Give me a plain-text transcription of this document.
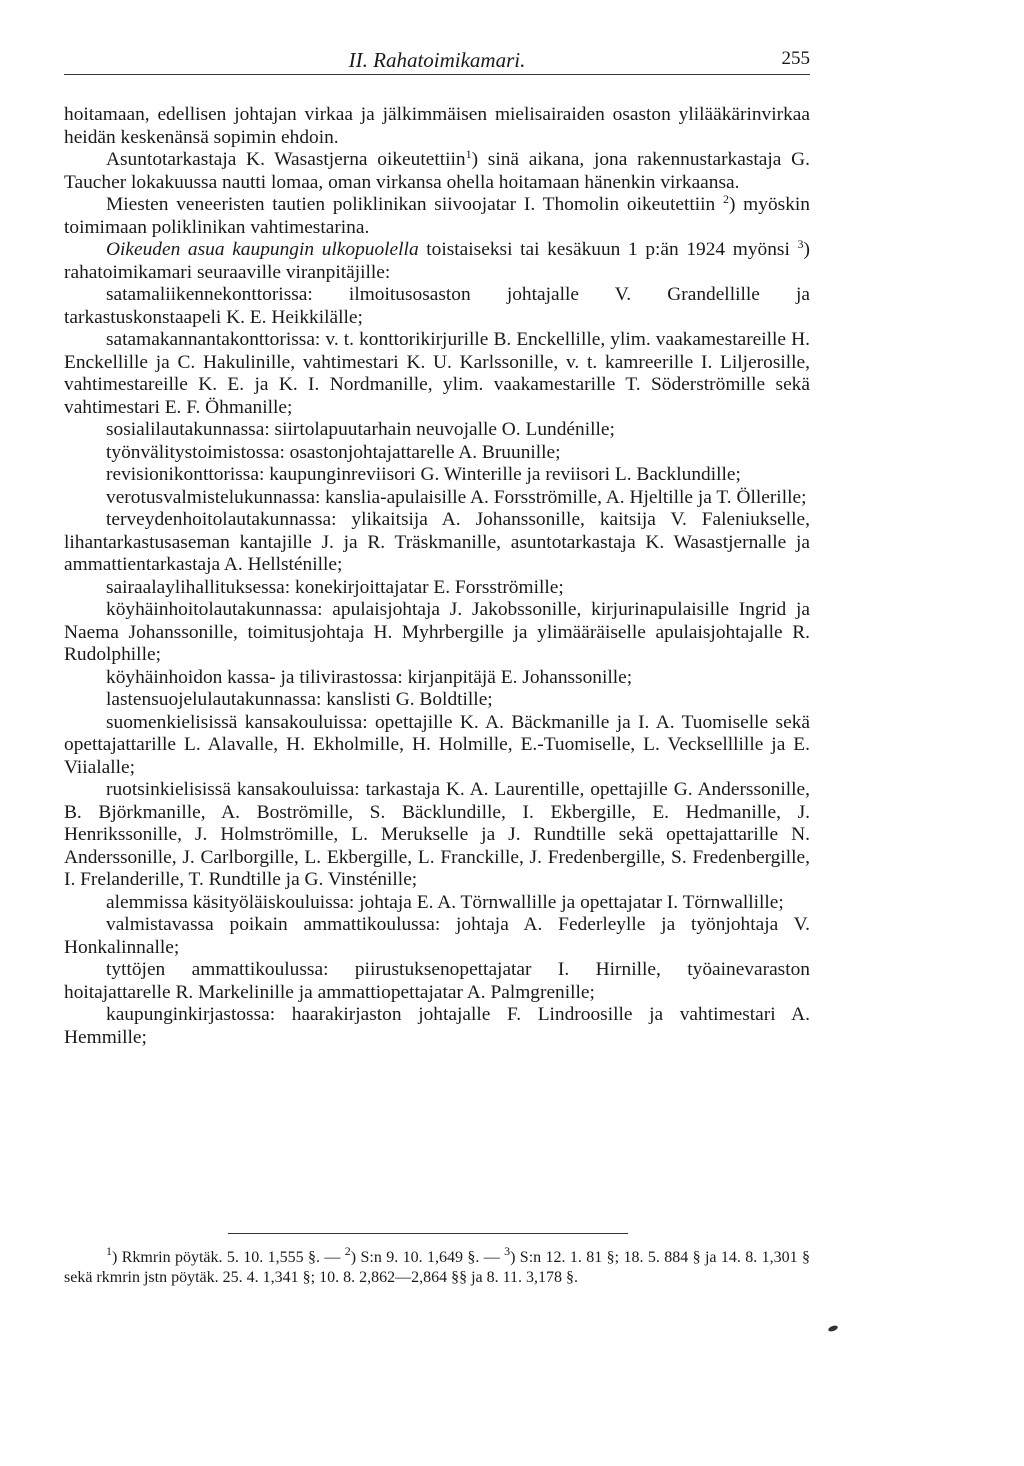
II. Rahatoimikamari.	255

hoitamaan, edellisen johtajan virkaa ja jälkimmäisen mielisairaiden osaston ylilääkärinvirkaa heidän keskenänsä sopimin ehdoin.

Asuntotarkastaja K. Wasastjerna oikeutettiin$^1$) sinä aikana, jona rakennustarkastaja G. Taucher lokakuussa nautti lomaa, oman virkansa ohella hoitamaan hänenkin virkaansa.

Miesten veneeristen tautien poliklinikan siivoojatar I. Thomolin oikeutettiin $^2$) myöskin toimimaan poliklinikan vahtimestarina.

Oikeuden asua kaupungin ulkopuolella toistaiseksi tai kesäkuun 1 p:än 1924 myönsi $^3$) rahatoimikamari seuraaville viranpitäjille:

satamaliikennekonttorissa: ilmoitusosaston johtajalle V. Grandellille ja tarkastuskonstaapeli K. E. Heikkilälle;

satamakannantakonttorissa: v. t. konttorikirjurille B. Enckellille, ylim. vaakamestareille H. Enckellille ja C. Hakulinille, vahtimestari K. U. Karlssonille, v. t. kamreerille I. Liljerosille, vahtimestareille K. E. ja K. I. Nordmanille, ylim. vaakamestarille T. Söderströmille sekä vahtimestari E. F. Öhmanille;

sosialilautakunnassa: siirtolapuutarhain neuvojalle O. Lundénille;

työnvälitystoimistossa: osastonjohtajattarelle A. Bruunille;

revisionikonttorissa: kaupunginreviisori G. Winterille ja reviisori L. Backlundille;

verotusvalmistelukunnassa: kanslia-apulaisille A. Forsströmille, A. Hjeltille ja T. Öllerille;

terveydenhoitolautakunnassa: ylikaitsija A. Johanssonille, kaitsija V. Faleniukselle, lihantarkastusaseman kantajille J. ja R. Träskmanille, asuntotarkastaja K. Wasastjernalle ja ammattientarkastaja A. Hellsténille;

sairaalaylihallituksessa: konekirjoittajatar E. Forsströmille;

köyhäinhoitolautakunnassa: apulaisjohtaja J. Jakobssonille, kirjurinapulaisille Ingrid ja Naema Johanssonille, toimitusjohtaja H. Myhrbergille ja ylimääräiselle apulaisjohtajalle R. Rudolphille;

köyhäinhoidon kassa- ja tilivirastossa: kirjanpitäjä E. Johanssonille;

lastensuojelulautakunnassa: kanslisti G. Boldtille;

suomenkielisissä kansakouluissa: opettajille K. A. Bäckmanille ja I. A. Tuomiselle sekä opettajattarille L. Alavalle, H. Ekholmille, H. Holmille, E.-Tuomiselle, L. Veckselllille ja E. Viialalle;

ruotsinkielisissä kansakouluissa: tarkastaja K. A. Laurentille, opettajille G. Anderssonille, B. Björkmanille, A. Boströmille, S. Bäcklundille, I. Ekbergille, E. Hedmanille, J. Henrikssonille, J. Holmströmille, L. Merukselle ja J. Rundtille sekä opettajattarille N. Anderssonille, J. Carlborgille, L. Ekbergille, L. Franckille, J. Fredenbergille, S. Fredenbergille, I. Frelanderille, T. Rundtille ja G. Vinsténille;

alemmissa käsityöläiskouluissa: johtaja E. A. Törnwallille ja opettajatar I. Törnwallille;

valmistavassa poikain ammattikoulussa: johtaja A. Federleylle ja työnjohtaja V. Honkalinnalle;

tyttöjen ammattikoulussa: piirustuksenopettajatar I. Hirnille, työainevaraston hoitajattarelle R. Markelinille ja ammattiopettajatar A. Palmgrenille;

kaupunginkirjastossa: haarakirjaston johtajalle F. Lindroosille ja vahtimestari A. Hemmille;

$^1$) Rkmrin pöytäk. 5. 10. 1,555 §. — $^2$) S:n 9. 10. 1,649 §. — $^3$) S:n 12. 1. 81 §; 18. 5. 884 § ja 14. 8. 1,301 § sekä rkmrin jstn pöytäk. 25. 4. 1,341 §; 10. 8. 2,862—2,864 §§ ja 8. 11. 3,178 §.
